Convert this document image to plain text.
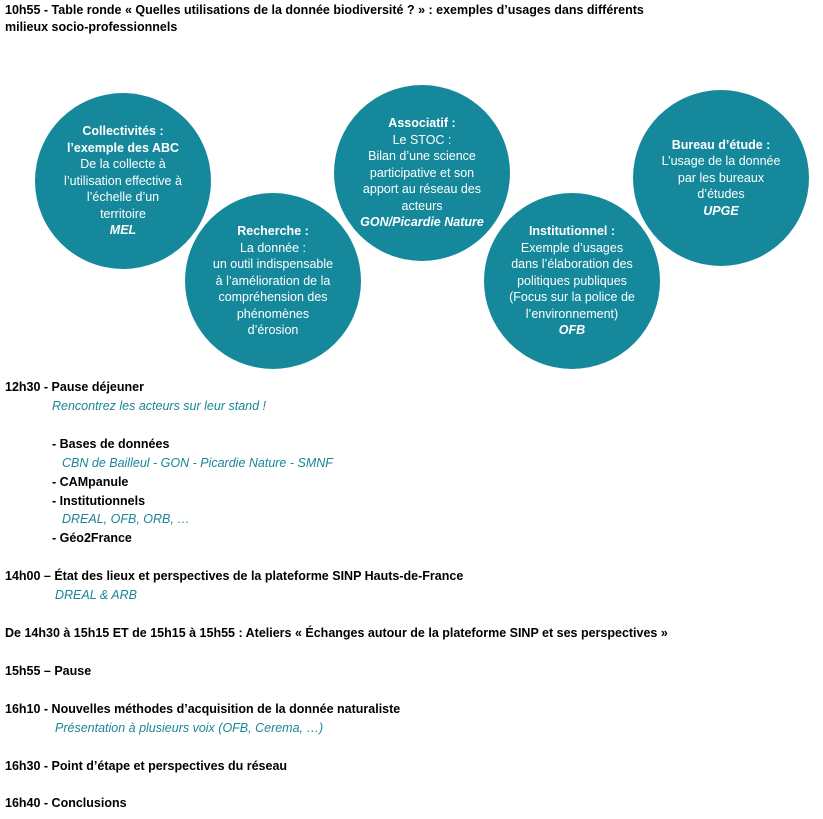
10h55 - Table ronde « Quelles utilisations de la donnée biodiversité ? » : exemples d’usages dans différents
milieux socio-professionnels
Collectivités :
l’exemple des ABC
De la collecte à
l’utilisation effective à
l’échelle d’un
territoire
MEL	Recherche :
La donnée :
un outil indispensable
à l’amélioration de la
compréhension des
phénomènes
d’érosion
Associatif :
Le STOC :
Bilan d’une science
participative et son
apport au réseau des
acteurs
GON/Picardie Nature
Institutionnel :
Exemple d’usages
dans l’élaboration des
politiques publiques
(Focus sur la police de
l’environnement)
OFB
Bureau d’étude :
L’usage de la donnée
par les bureaux
d’études
UPGE
12h30 - Pause déjeuner
Rencontrez les acteurs sur leur stand !
- Bases de données
CBN de Bailleul - GON - Picardie Nature - SMNF
- CAMpanule
- Institutionnels
DREAL, OFB, ORB, …
- Géo2France
14h00 – État des lieux et perspectives de la plateforme SINP Hauts-de-France
DREAL & ARB
De 14h30 à 15h15 ET de 15h15 à 15h55 : Ateliers « Échanges autour de la plateforme SINP et ses perspectives »
15h55 – Pause
16h10 - Nouvelles méthodes d’acquisition de la donnée naturaliste
Présentation à plusieurs voix (OFB, Cerema, …)
16h30 - Point d’étape et perspectives du réseau
16h40 - Conclusions
